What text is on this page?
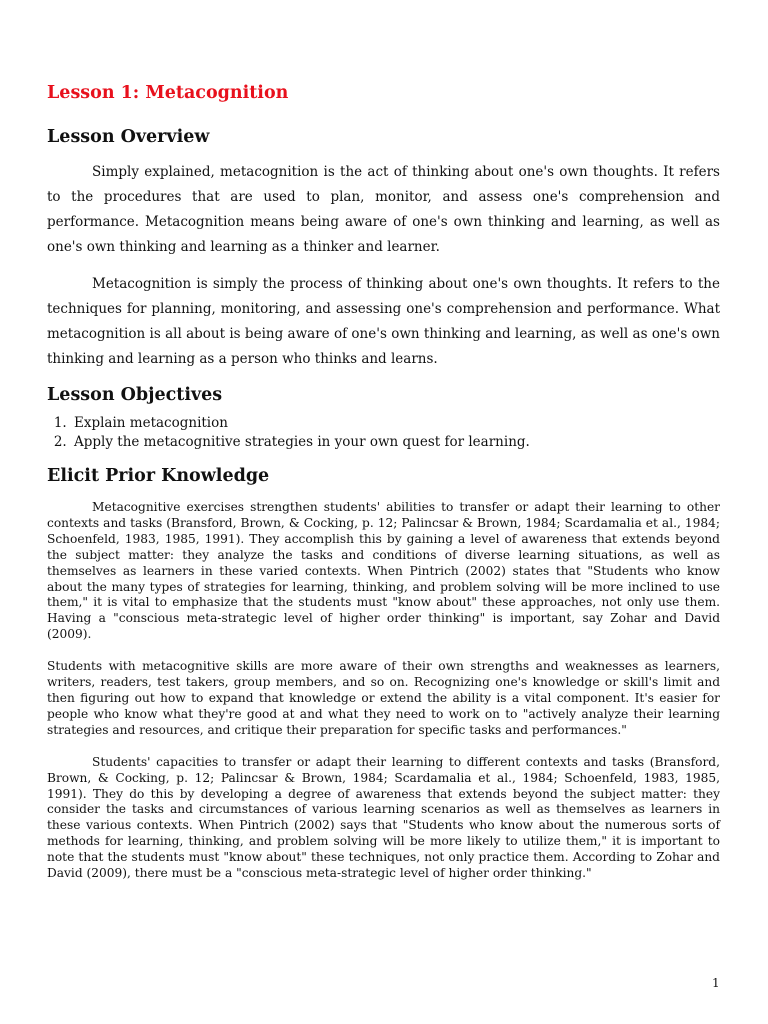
Lesson 1: Metacognition
Lesson Overview

Simply explained, metacognition is the act of thinking about one's own thoughts. It refers to the procedures that are used to plan, monitor, and assess one's comprehension and performance. Metacognition means being aware of one's own thinking and learning, as well as one's own thinking and learning as a thinker and learner.

Metacognition is simply the process of thinking about one's own thoughts. It refers to the techniques for planning, monitoring, and assessing one's comprehension and performance. What metacognition is all about is being aware of one's own thinking and learning, as well as one's own thinking and learning as a person who thinks and learns.

Lesson Objectives
1. Explain metacognition
2. Apply the metacognitive strategies in your own quest for learning.
Elicit Prior Knowledge

Metacognitive exercises strengthen students' abilities to transfer or adapt their learning to other contexts and tasks (Bransford, Brown, & Cocking, p. 12; Palincsar & Brown, 1984; Scardamalia et al., 1984; Schoenfeld, 1983, 1985, 1991). They accomplish this by gaining a level of awareness that extends beyond the subject matter: they analyze the tasks and conditions of diverse learning situations, as well as themselves as learners in these varied contexts. When Pintrich (2002) states that "Students who know about the many types of strategies for learning, thinking, and problem solving will be more inclined to use them," it is vital to emphasize that the students must "know about" these approaches, not only use them. Having a "conscious meta-strategic level of higher order thinking" is important, say Zohar and David (2009).

Students with metacognitive skills are more aware of their own strengths and weaknesses as learners, writers, readers, test takers, group members, and so on. Recognizing one's knowledge or skill's limit and then figuring out how to expand that knowledge or extend the ability is a vital component. It's easier for people who know what they're good at and what they need to work on to "actively analyze their learning strategies and resources, and critique their preparation for specific tasks and performances."

Students' capacities to transfer or adapt their learning to different contexts and tasks (Bransford, Brown, & Cocking, p. 12; Palincsar & Brown, 1984; Scardamalia et al., 1984; Schoenfeld, 1983, 1985, 1991). They do this by developing a degree of awareness that extends beyond the subject matter: they consider the tasks and circumstances of various learning scenarios as well as themselves as learners in these various contexts. When Pintrich (2002) says that "Students who know about the numerous sorts of methods for learning, thinking, and problem solving will be more likely to utilize them," it is important to note that the students must "know about" these techniques, not only practice them. According to Zohar and David (2009), there must be a "conscious meta-strategic level of higher order thinking."

1
